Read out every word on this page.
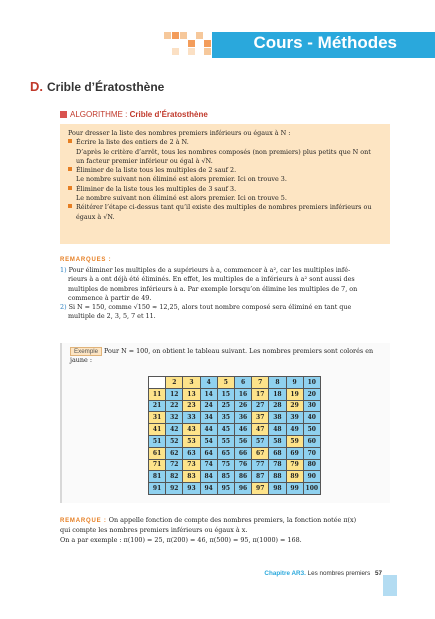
Cours - Méthodes
D. Crible d’Ératosthène
ALGORITHME : Crible d’Ératosthène
Pour dresser la liste des nombres premiers inférieurs ou égaux à N :
Écrire la liste des entiers de 2 à N.
D’après le critère d’arrêt, tous les nombres composés (non premiers) plus petits que N ont
un facteur premier inférieur ou égal à √N.
Éliminer de la liste tous les multiples de 2 sauf 2.
Le nombre suivant non éliminé est alors premier. Ici on trouve 3.
Éliminer de la liste tous les multiples de 3 sauf 3.
Le nombre suivant non éliminé est alors premier. Ici on trouve 5.
Réitérer l’étape ci-dessus tant qu’il existe des multiples de nombres premiers inférieurs ou
égaux à √N.
REMARQUES :
1) Pour éliminer les multiples de a supérieurs à a, commencer à a², car les multiples infé-
rieurs à a ont déjà été éliminés. En effet, les multiples de a inférieurs à a² sont aussi des
multiples de nombres inférieurs à a. Par exemple lorsqu’on élimine les multiples de 7, on
commence à partir de 49.
2) Si N = 150, comme √150 ≈ 12,25, alors tout nombre composé sera éliminé en tant que
multiple de 2, 3, 5, 7 et 11.
Exemple Pour N = 100, on obtient le tableau suivant. Les nombres premiers sont colorés en
jaune :
	2	3	4	5	6	7	8	9	10
11	12	13	14	15	16	17	18	19	20
21	22	23	24	25	26	27	28	29	30
31	32	33	34	35	36	37	38	39	40
41	42	43	44	45	46	47	48	49	50
51	52	53	54	55	56	57	58	59	60
61	62	63	64	65	66	67	68	69	70
71	72	73	74	75	76	77	78	79	80
81	82	83	84	85	86	87	88	89	90
91	92	93	94	95	96	97	98	99	100
REMARQUE : On appelle fonction de compte des nombres premiers, la fonction notée π(x)
qui compte les nombres premiers inférieurs ou égaux à x.
On a par exemple : π(100) = 25, π(200) = 46, π(500) = 95, π(1000) = 168.
Chapitre AR3. Les nombres premiers 57
